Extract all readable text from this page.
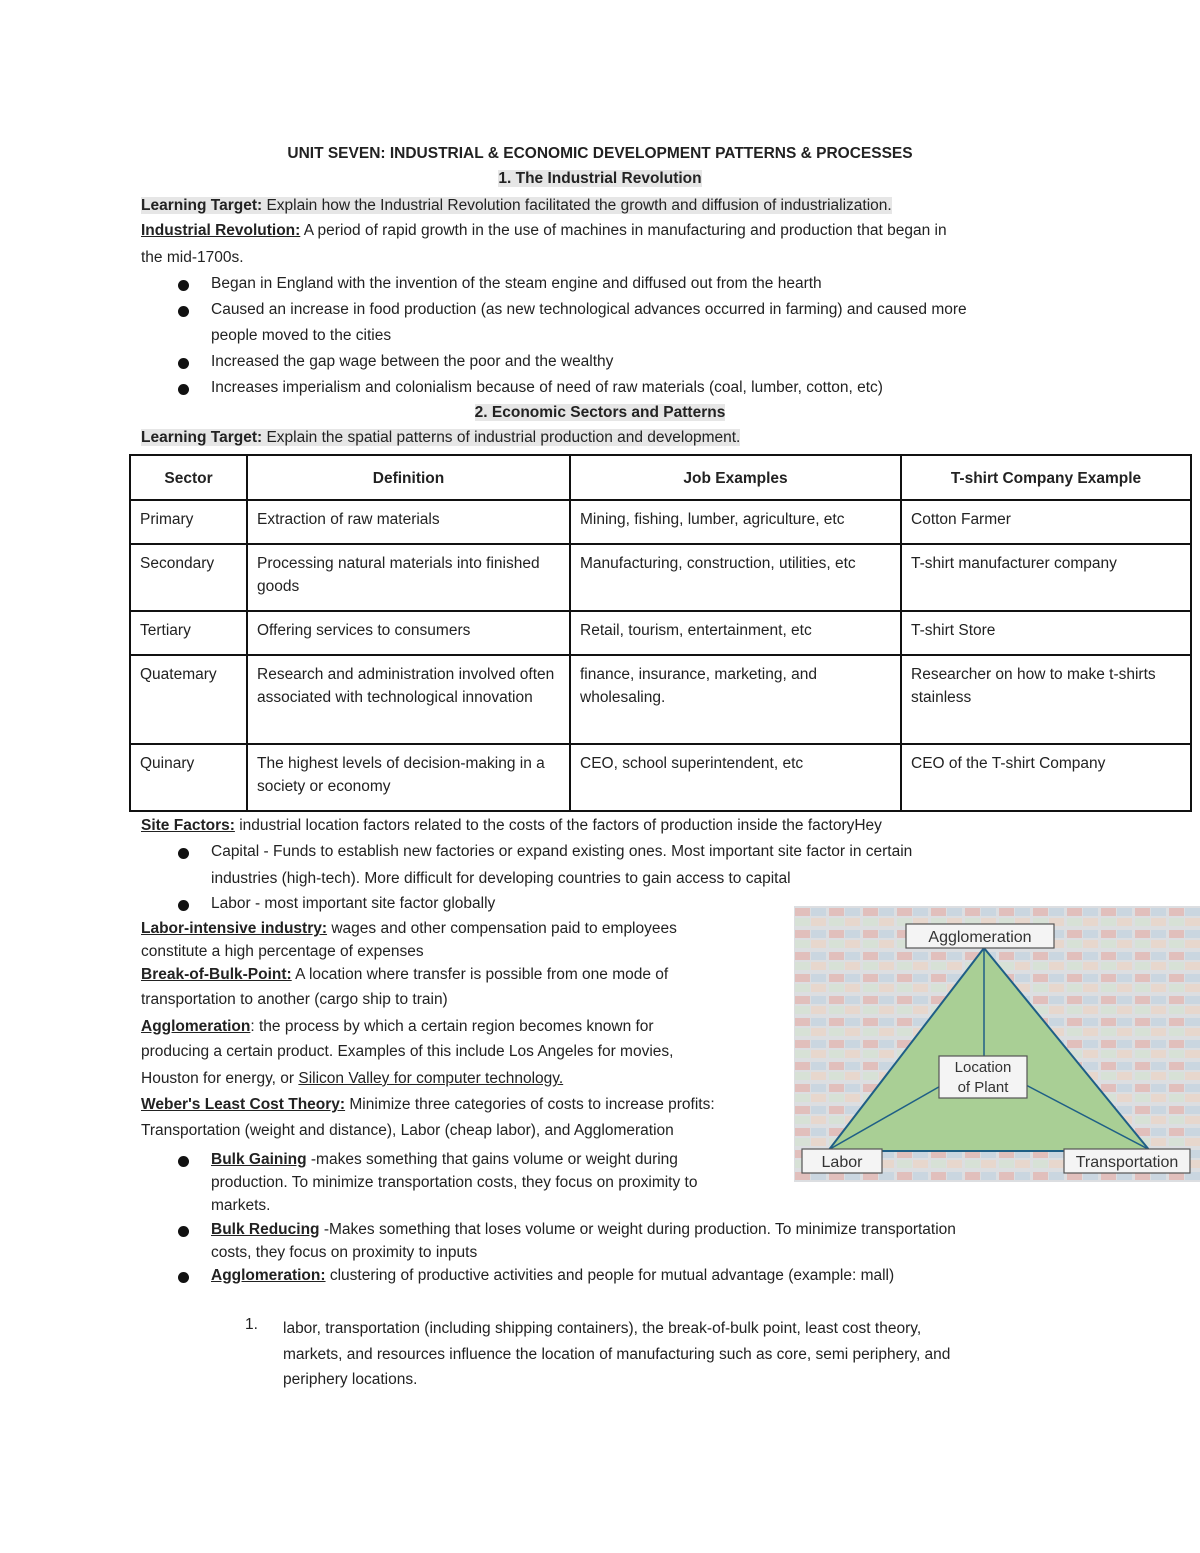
UNIT SEVEN: INDUSTRIAL & ECONOMIC DEVELOPMENT PATTERNS & PROCESSES
1. The Industrial Revolution
Learning Target: Explain how the Industrial Revolution facilitated the growth and diffusion of industrialization.
Industrial Revolution: A period of rapid growth in the use of machines in manufacturing and production that began in
the mid-1700s.
Began in England with the invention of the steam engine and diffused out from the hearth
Caused an increase in food production (as new technological advances occurred in farming) and caused more
people moved to the cities
Increased the gap wage between the poor and the wealthy
Increases imperialism and colonialism because of need of raw materials (coal, lumber, cotton, etc)
2. Economic Sectors and Patterns
Learning Target: Explain the spatial patterns of industrial production and development.
Sector	Definition	Job Examples	T-shirt Company Example
Primary	Extraction of raw materials	Mining, fishing, lumber, agriculture, etc	Cotton Farmer
Secondary	Processing natural materials into finished goods	Manufacturing, construction, utilities, etc	T-shirt manufacturer company
Tertiary	Offering services to consumers	Retail, tourism, entertainment, etc	T-shirt Store
Quatemary	Research and administration involved often associated with technological innovation	finance, insurance, marketing, and wholesaling.	Researcher on how to make t-shirts stainless
Quinary	The highest levels of decision-making in a society or economy	CEO, school superintendent, etc	CEO of the T-shirt Company
Site Factors: industrial location factors related to the costs of the factors of production inside the factoryHey
Capital - Funds to establish new factories or expand existing ones. Most important site factor in certain
industries (high-tech). More difficult for developing countries to gain access to capital
Labor - most important site factor globally
Labor-intensive industry: wages and other compensation paid to employees
constitute a high percentage of expenses
Break-of-Bulk-Point: A location where transfer is possible from one mode of
transportation to another (cargo ship to train)
Agglomeration: the process by which a certain region becomes known for
producing a certain product. Examples of this include Los Angeles for movies,
Houston for energy, or Silicon Valley for computer technology.
Weber's Least Cost Theory: Minimize three categories of costs to increase profits:
Transportation (weight and distance), Labor (cheap labor), and Agglomeration
Bulk Gaining -makes something that gains volume or weight during
production. To minimize transportation costs, they focus on proximity to
markets.
Bulk Reducing -Makes something that loses volume or weight during production. To minimize transportation
costs, they focus on proximity to inputs
Agglomeration: clustering of productive activities and people for mutual advantage (example: mall)
1. labor, transportation (including shipping containers), the break-of-bulk point, least cost theory,
markets, and resources influence the location of manufacturing such as core, semi periphery, and
periphery locations.
Agglomeration
Location
of Plant
Labor	Transportation
